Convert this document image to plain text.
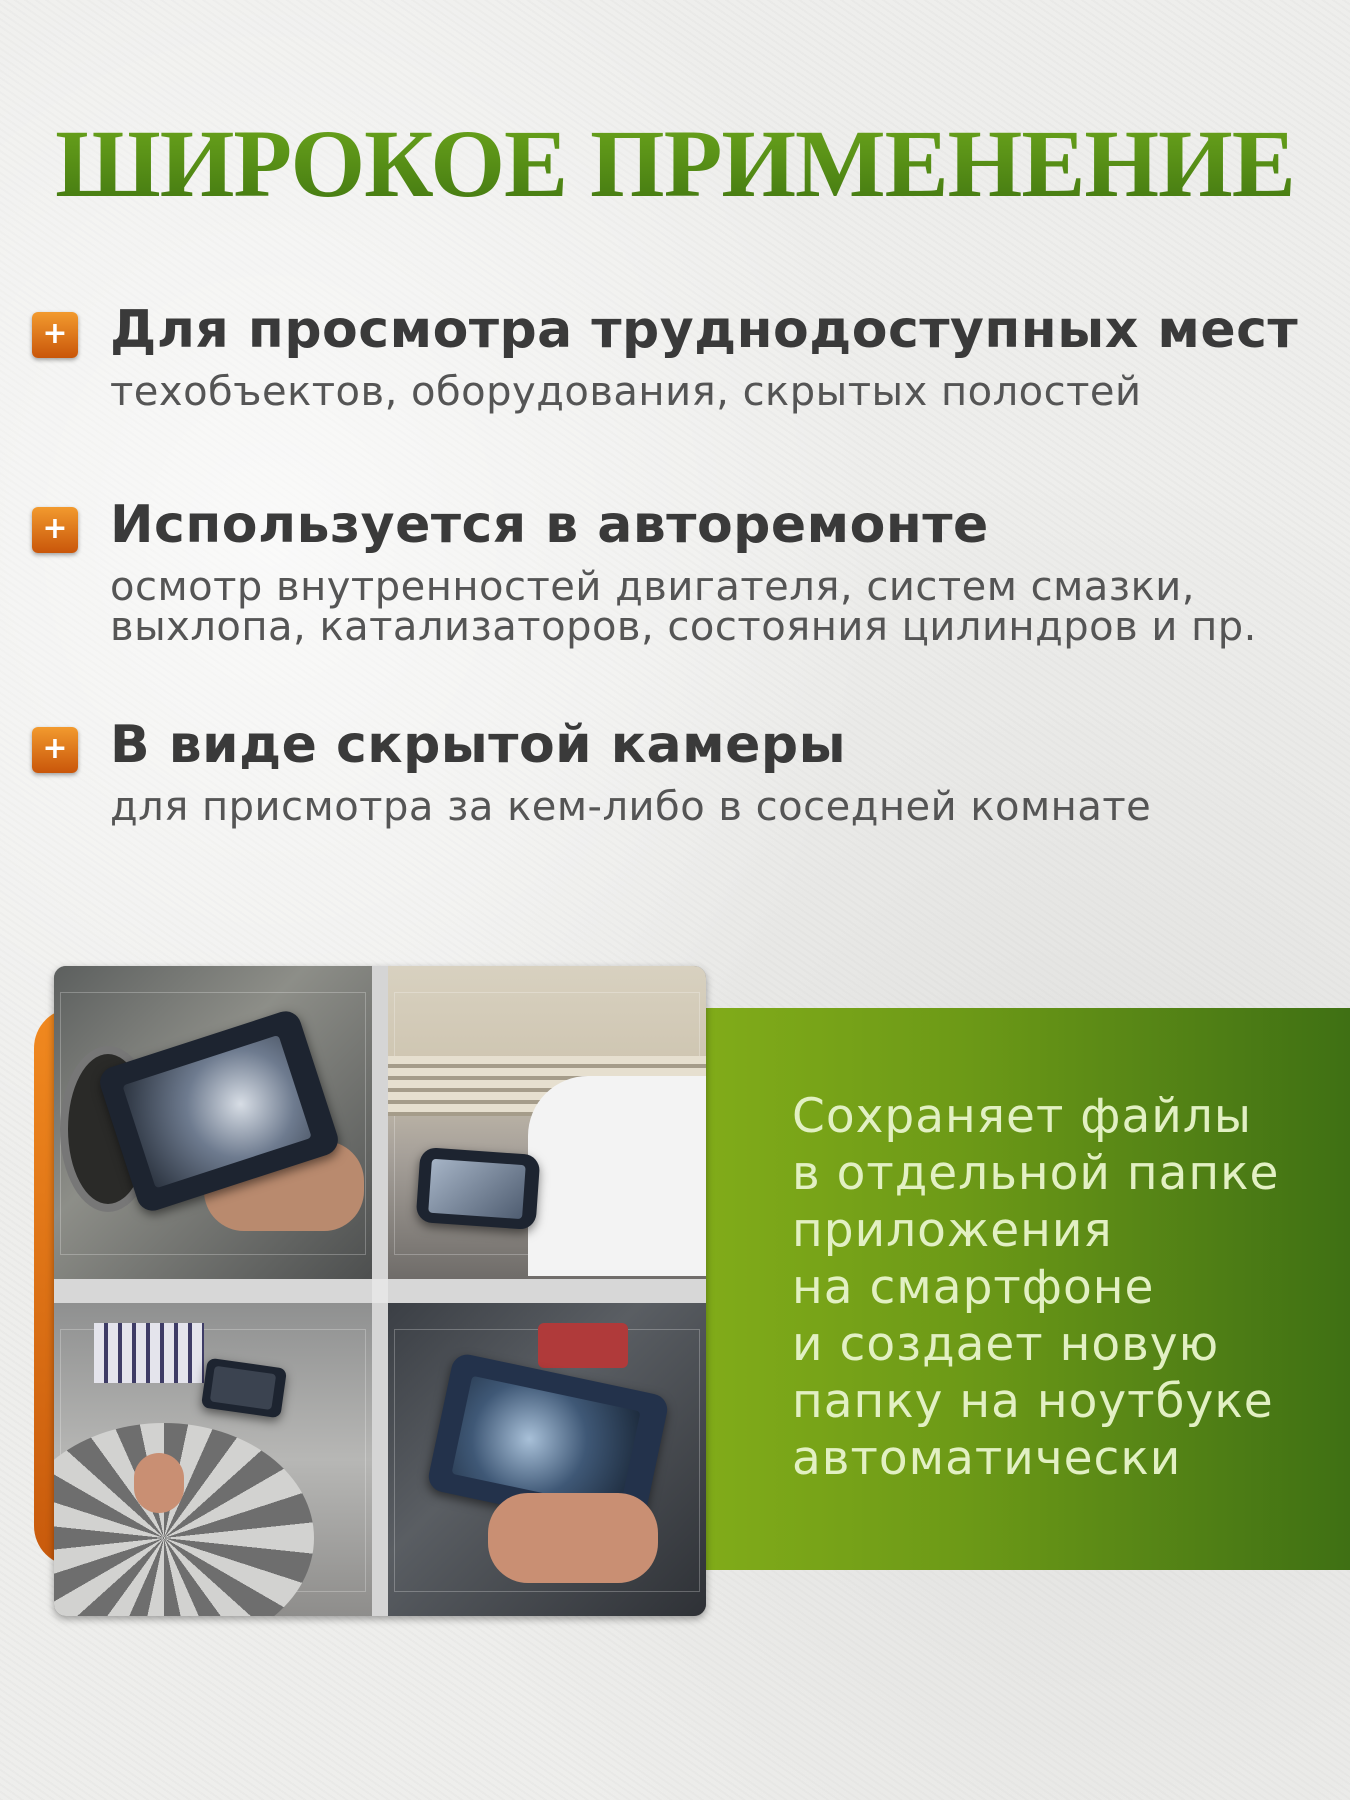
ШИРОКОЕ ПРИМЕНЕНИЕ
+ Для просмотра труднодоступных мест
техобъектов, оборудования, скрытых полостей
+ Используется в авторемонте
осмотр внутренностей двигателя, систем смазки,
выхлопа, катализаторов, состояния цилиндров и пр.
+ В виде скрытой камеры
для присмотра за кем-либо в соседней комнате
Сохраняет файлы
в отдельной папке
приложения
на смартфоне
и создает новую
папку на ноутбуке
автоматически
